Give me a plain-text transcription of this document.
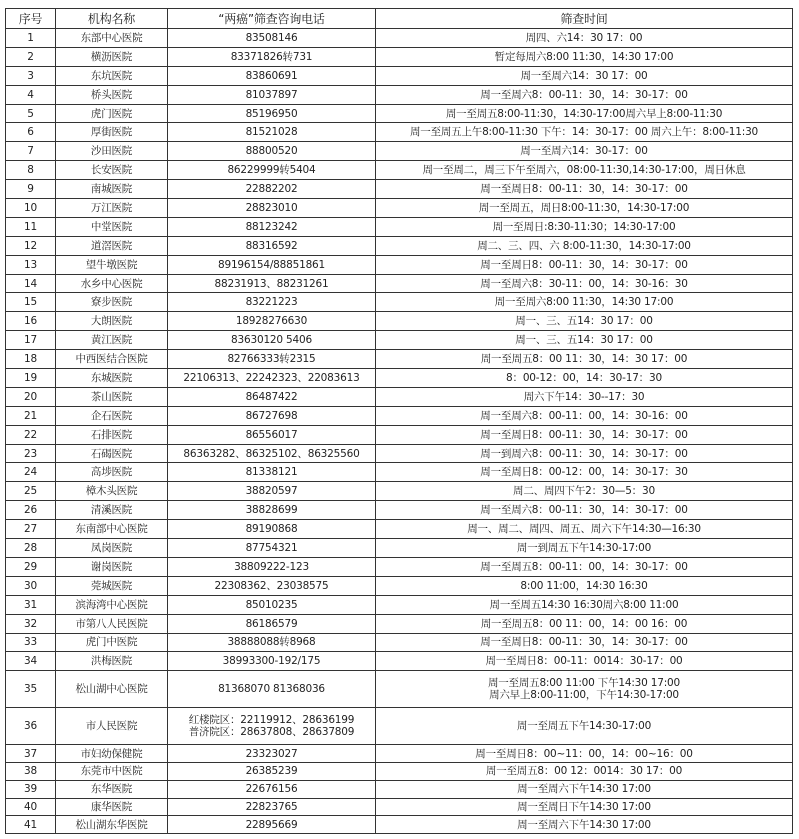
序号	机构名称	“两癌”筛查咨询电话	筛查时间
1	东部中心医院	83508146	周四、六14：30 17：00
2	横沥医院	83371826转731	暂定每周六8:00 11:30，14:30 17:00
3	东坑医院	83860691	周一至周六14：30 17：00
4	桥头医院	81037897	周一至周六8：00-11：30，14：30-17：00
5	虎门医院	85196950	周一至周五8:00-11:30，14:30-17:00周六早上8:00-11:30
6	厚街医院	81521028	周一至周五上午8:00-11:30 下午：14：30-17：00 周六上午：8:00-11:30
7	沙田医院	88800520	周一至周六14：30-17：00
8	长安医院	86229999转5404	周一至周二，周三下午至周六，08:00-11:30,14:30-17:00，周日休息
9	南城医院	22882202	周一至周日8：00-11：30，14：30-17：00
10	万江医院	28823010	周一至周五，周日8:00-11:30，14:30-17:00
11	中堂医院	88123242	周一至周日:8:30-11:30；14:30-17:00
12	道滘医院	88316592	周二、三、四、六 8:00-11:30，14:30-17:00
13	望牛墩医院	89196154/88851861	周一至周日8：00-11：30，14：30-17：00
14	水乡中心医院	88231913、88231261	周一至周六8：30-11：00，14：30-16：30
15	寮步医院	83221223	周一至周六8:00 11:30，14:30 17:00
16	大朗医院	18928276630	周一、三、五14：30 17：00
17	黄江医院	83630120 5406	周一、三、五14：30 17：00
18	中西医结合医院	82766333转2315	周一至周五8：00 11：30，14：30 17：00
19	东城医院	22106313、22242323、22083613	8：00-12：00，14：30-17：30
20	茶山医院	86487422	周六下午14：30--17：30
21	企石医院	86727698	周一至周六8：00-11：00，14：30-16：00
22	石排医院	86556017	周一至周日8：00-11：30，14：30-17：00
23	石碣医院	86363282、86325102、86325560	周一到周六8：00-11：30，14：30-17：00
24	高埗医院	81338121	周一至周日8：00-12：00，14：30-17：30
25	樟木头医院	38820597	周二、周四下午2：30—5：30
26	清溪医院	38828699	周一至周六8：00-11：30，14：30-17：00
27	东南部中心医院	89190868	周一、周二、周四、周五、周六下午14:30—16:30
28	凤岗医院	87754321	周一到周五下午14:30-17:00
29	谢岗医院	38809222-123	周一至周五8：00-11：00，14：30-17：00
30	莞城医院	22308362、23038575	8:00 11:00，14:30 16:30
31	滨海湾中心医院	85010235	周一至周五14:30 16:30周六8:00 11:00
32	市第八人民医院	86186579	周一至周五8：00 11：00，14：00 16：00
33	虎门中医院	38888088转8968	周一至周日8：00-11：30，14：30-17：00
34	洪梅医院	38993300-192/175	周一至周日8：00-11：0014：30-17：00
35	松山湖中心医院	81368070 81368036	周一至周五8:00 11:00 下午14:30 17:00
周六早上8:00-11:00，下午14:30-17:00

36	市人民医院	红楼院区：22119912、28636199
普济院区：28637808、28637809	周一至周五下午14:30-17:00
37	市妇幼保健院	23323027	周一至周日8：00~11：00，14：00~16：00
38	东莞市中医院	26385239	周一至周五8：00 12：0014：30 17：00
39	东华医院	22676156	周一至周六下午14:30 17:00
40	康华医院	22823765	周一至周日下午14:30 17:00
41	松山湖东华医院	22895669	周一至周六下午14:30 17:00
